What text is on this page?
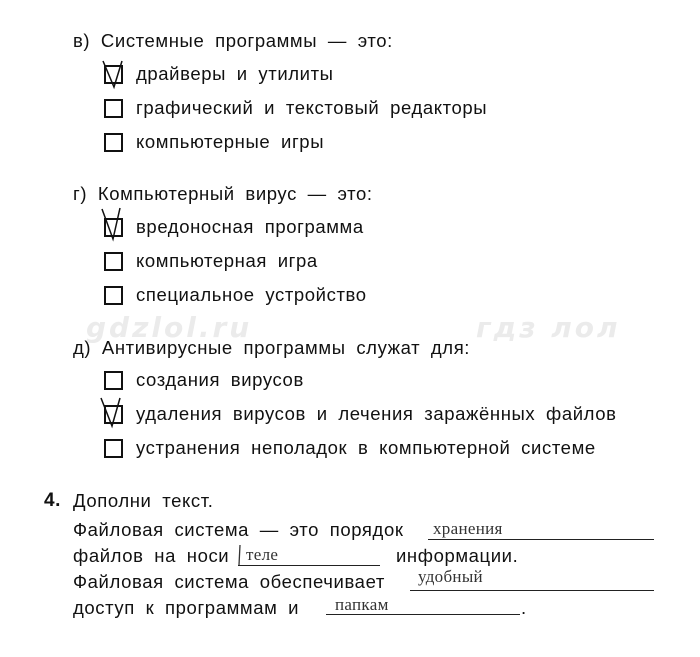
gdzlol.ru	гдз лол
в) Системные программы — это:
драйверы и утилиты
графический и текстовый редакторы
компьютерные игры
г) Компьютерный вирус — это:
вредоносная программа
компьютерная игра
специальное устройство
д) Антивирусные программы служат для:
создания вирусов
удаления вирусов и лечения заражённых файлов
устранения неполадок в компьютерной системе
4. Дополни текст.
Файловая система — это порядок хранения
файлов на носи теле	информации.
Файловая система обеспечивает удобный
доступ к программам и папкам	.
